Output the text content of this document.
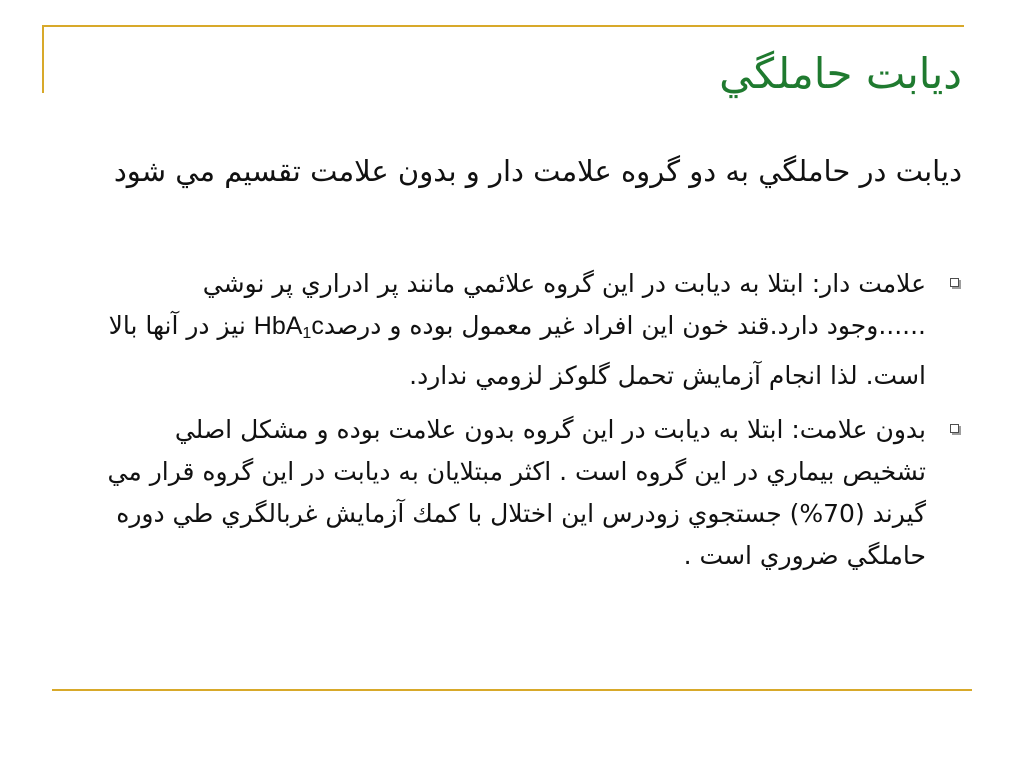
ديابت حاملگي
ديابت در حاملگي به دو گروه علامت دار و بدون علامت تقسيم مي شود
علامت دار: ابتلا به ديابت در اين گروه علائمي مانند پر ادراري پر نوشي ......وجود دارد.قند خون اين افراد غير معمول بوده و درصدHbA$_1$c نيز در آنها بالا است. لذا انجام آزمايش تحمل گلوكز لزومي ندارد.
بدون علامت: ابتلا به ديابت در اين گروه بدون علامت بوده و مشكل اصلي تشخيص بيماري در اين گروه است . اكثر مبتلايان به ديابت در اين گروه قرار مي گيرند (70%) جستجوي زودرس اين اختلال با كمك آزمايش غربالگري طي دوره حاملگي ضروري است .
